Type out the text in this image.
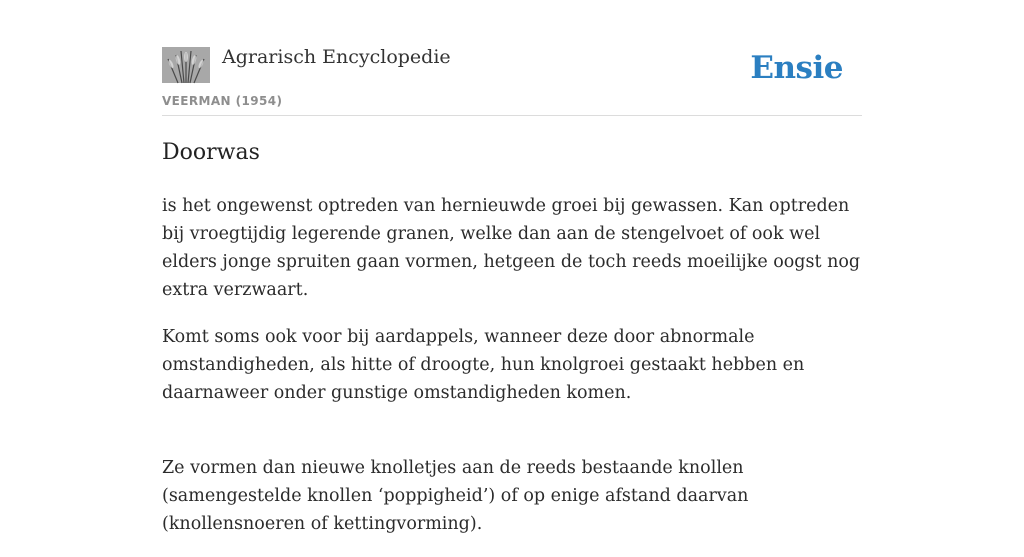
Agrarisch Encyclopedie
VEERMAN (1954)
Ensie
Doorwas

is het ongewenst optreden van hernieuwde groei bij gewassen. Kan optreden bij vroegtijdig legerende granen, welke dan aan de stengelvoet of ook wel elders jonge spruiten gaan vormen, hetgeen de toch reeds moeilijke oogst nog extra verzwaart.

Komt soms ook voor bij aardappels, wanneer deze door abnormale omstandigheden, als hitte of droogte, hun knolgroei gestaakt hebben en daarnaweer onder gunstige omstandigheden komen.

Ze vormen dan nieuwe knolletjes aan de reeds bestaande knollen (samengestelde knollen ‘poppigheid’) of op enige afstand daarvan (knollensnoeren of kettingvorming).
